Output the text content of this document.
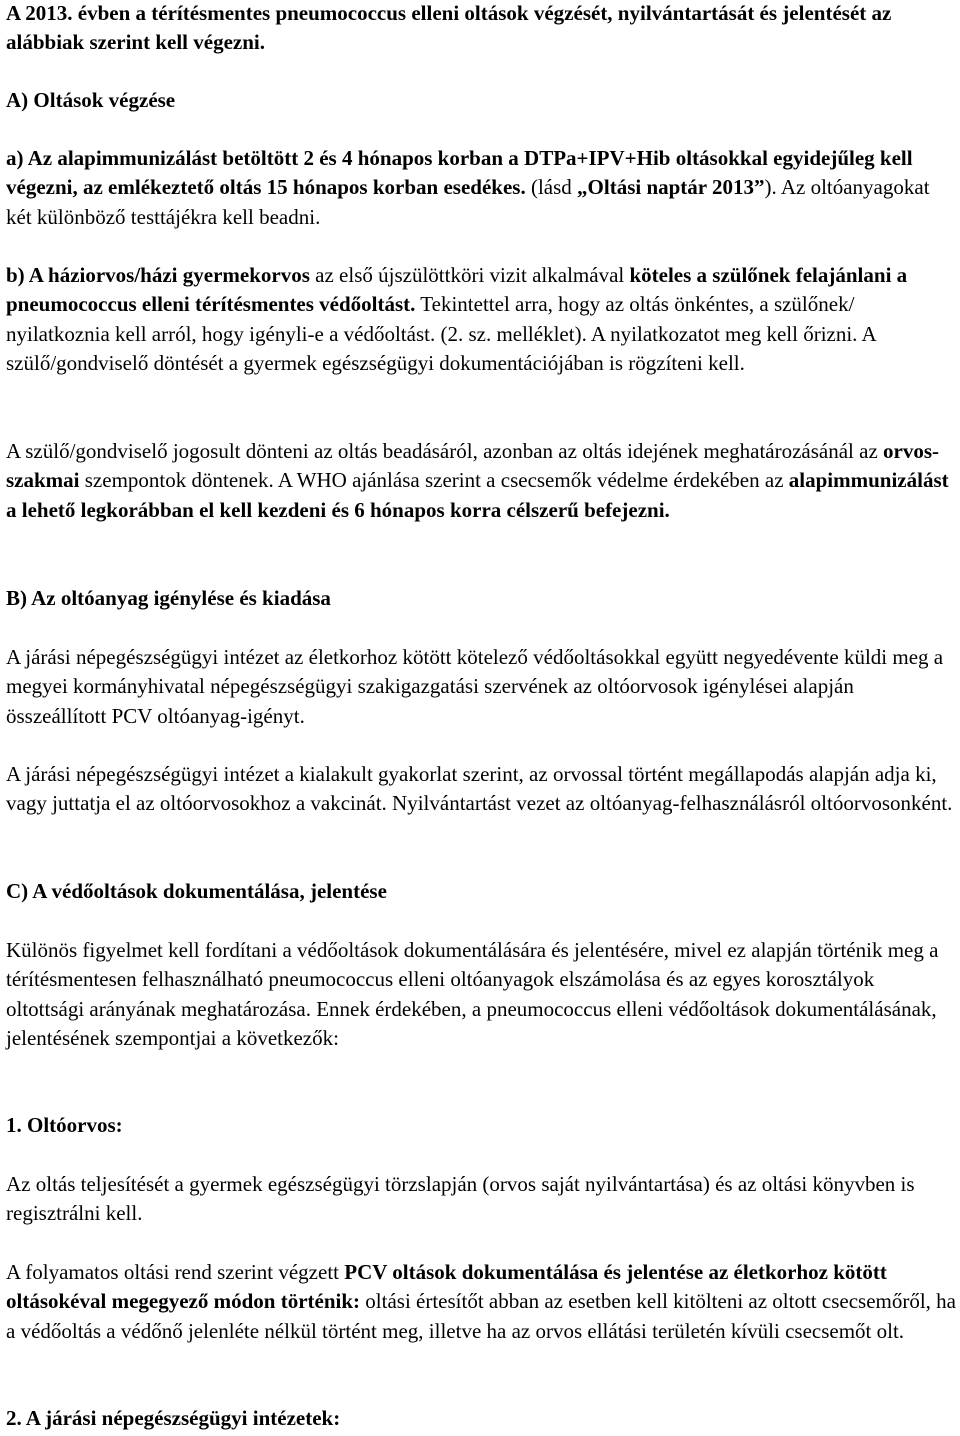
A 2013. évben a térítésmentes pneumococcus elleni oltások végzését, nyilvántartását és jelentését az alábbiak szerint kell végezni.

A) Oltások végzése

a) Az alapimmunizálást betöltött 2 és 4 hónapos korban a DTPa+IPV+Hib oltásokkal egyidejűleg kell végezni, az emlékeztető oltás 15 hónapos korban esedékes. (lásd „Oltási naptár 2013”). Az oltóanyagokat két különböző testtájékra kell beadni.

b) A háziorvos/házi gyermekorvos az első újszülöttköri vizit alkalmával köteles a szülőnek felajánlani a pneumococcus elleni térítésmentes védőoltást. Tekintettel arra, hogy az oltás önkéntes, a szülőnek/ nyilatkoznia kell arról, hogy igényli-e a védőoltást. (2. sz. melléklet). A nyilatkozatot meg kell őrizni. A szülő/gondviselő döntését a gyermek egészségügyi dokumentációjában is rögzíteni kell.

A szülő/gondviselő jogosult dönteni az oltás beadásáról, azonban az oltás idejének meghatározásánál az orvos-szakmai szempontok döntenek. A WHO ajánlása szerint a csecsemők védelme érdekében az alapimmunizálást a lehető legkorábban el kell kezdeni és 6 hónapos korra célszerű befejezni.

B) Az oltóanyag igénylése és kiadása

A járási népegészségügyi intézet az életkorhoz kötött kötelező védőoltásokkal együtt negyedévente küldi meg a megyei kormányhivatal népegészségügyi szakigazgatási szervének az oltóorvosok igénylései alapján összeállított PCV oltóanyag-igényt.

A járási népegészségügyi intézet a kialakult gyakorlat szerint, az orvossal történt megállapodás alapján adja ki, vagy juttatja el az oltóorvosokhoz a vakcinát. Nyilvántartást vezet az oltóanyag-felhasználásról oltóorvosonként.

C) A védőoltások dokumentálása, jelentése

Különös figyelmet kell fordítani a védőoltások dokumentálására és jelentésére, mivel ez alapján történik meg a térítésmentesen felhasználható pneumococcus elleni oltóanyagok elszámolása és az egyes korosztályok oltottsági arányának meghatározása. Ennek érdekében, a pneumococcus elleni védőoltások dokumentálásának, jelentésének szempontjai a következők:

1. Oltóorvos:

Az oltás teljesítését a gyermek egészségügyi törzslapján (orvos saját nyilvántartása) és az oltási könyvben is regisztrálni kell.

A folyamatos oltási rend szerint végzett PCV oltások dokumentálása és jelentése az életkorhoz kötött oltásokéval megegyező módon történik: oltási értesítőt abban az esetben kell kitölteni az oltott csecsemőről, ha a védőoltás a védőnő jelenléte nélkül történt meg, illetve ha az orvos ellátási területén kívüli csecsemőt olt.

2. A járási népegészségügyi intézetek:
